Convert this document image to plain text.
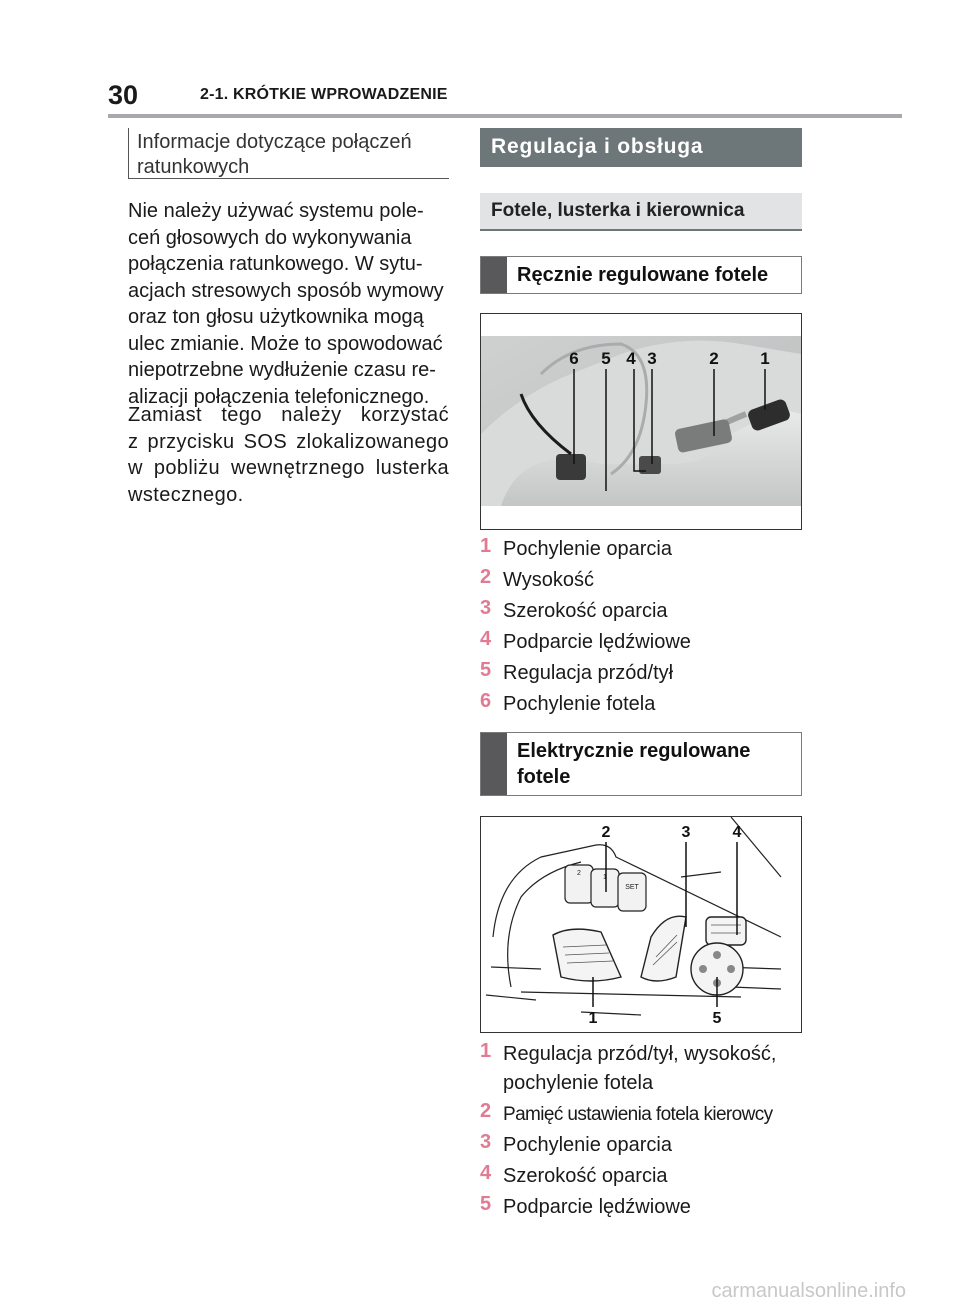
30	2-1. KRÓTKIE WPROWADZENIE
Informacje dotyczące połączeń
ratunkowych
Nie należy używać systemu pole-
ceń głosowych do wykonywania
połączenia ratunkowego. W sytu-
acjach stresowych sposób wymowy
oraz ton głosu użytkownika mogą
ulec zmianie. Może to spowodować
niepotrzebne wydłużenie czasu re-
alizacji połączenia telefonicznego.
Zamiast tego należy korzystać
z przycisku SOS zlokalizowanego
w pobliżu wewnętrznego lusterka
wstecznego.
Regulacja i obsługa
Fotele, lusterka i kierownica
Ręcznie regulowane fotele
6 5 4 3	2 1
1 Pochylenie oparcia
2 Wysokość
3 Szerokość oparcia
4 Podparcie lędźwiowe
5 Regulacja przód/tył
6 Pochylenie fotela
Elektrycznie regulowane
fotele
2
1
SET
2	3	4
1	5
1 Regulacja przód/tył, wysokość,
pochylenie fotela
2 Pamięć ustawienia fotela kierowcy
3 Pochylenie oparcia
4 Szerokość oparcia
5 Podparcie lędźwiowe
carmanualsonline.info
